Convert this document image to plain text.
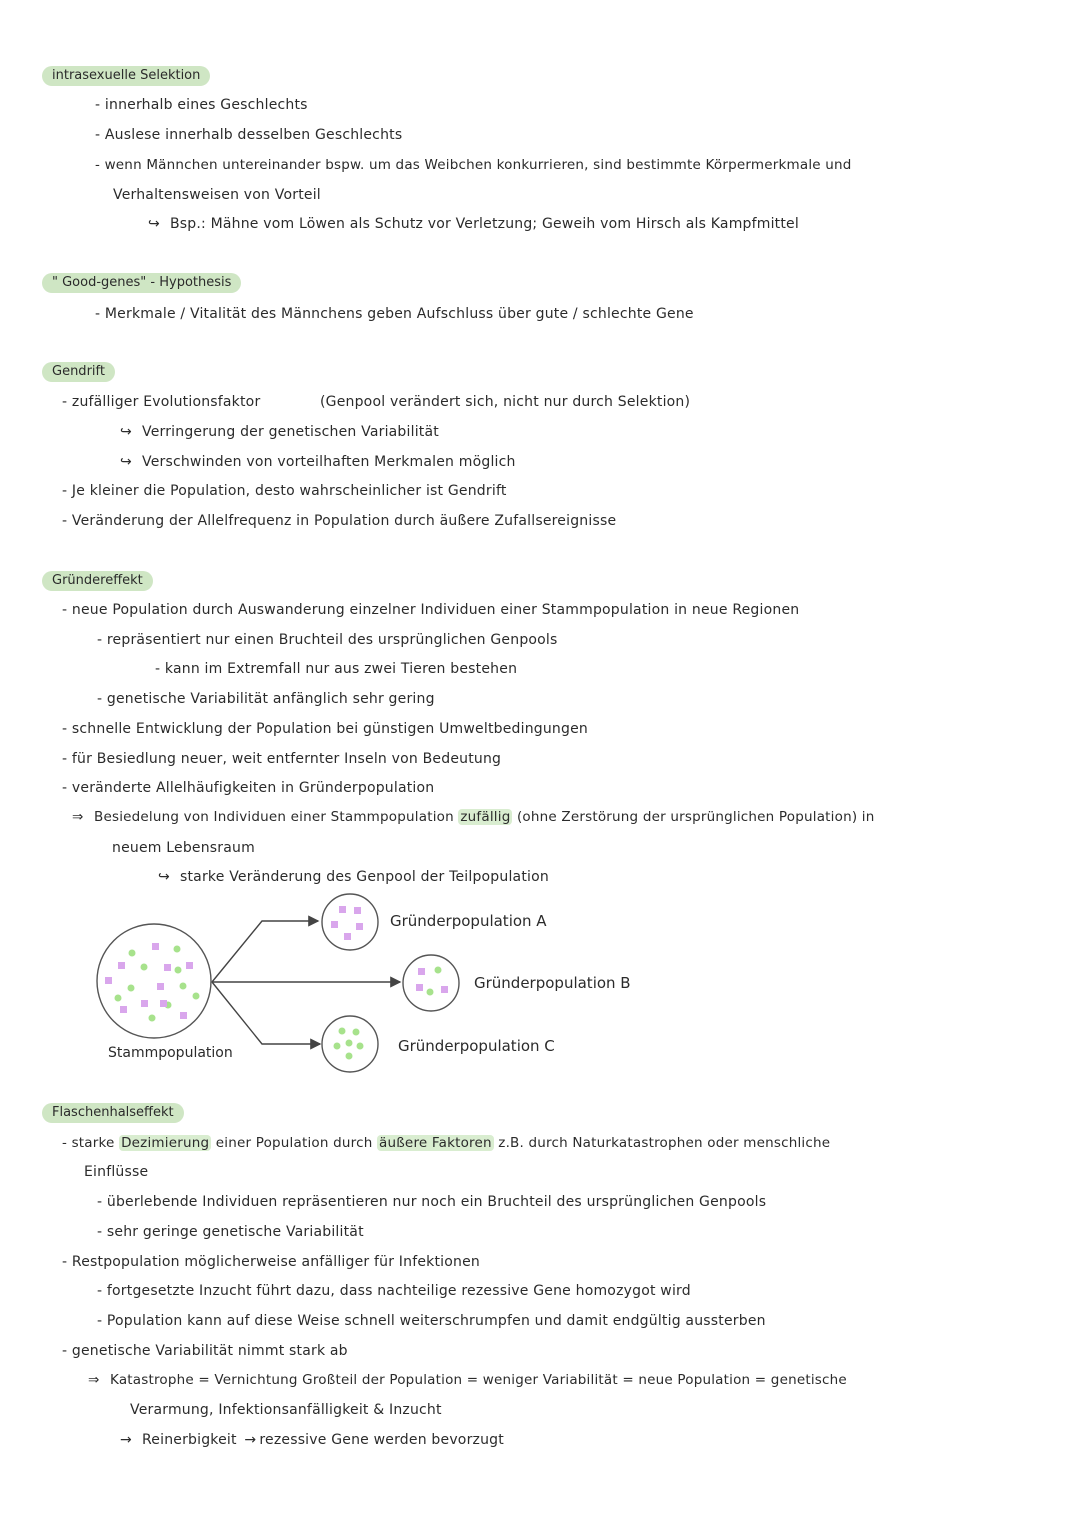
intrasexuelle Selektion
- innerhalb eines Geschlechts
- Auslese innerhalb desselben Geschlechts
- wenn Männchen untereinander bspw. um das Weibchen konkurrieren, sind bestimmte Körpermerkmale und
Verhaltensweisen von Vorteil
↪ Bsp.: Mähne vom Löwen als Schutz vor Verletzung; Geweih vom Hirsch als Kampfmittel
" Good-genes" - Hypothesis
- Merkmale / Vitalität des Männchens geben Aufschluss über gute / schlechte Gene
Gendrift
- zufälliger Evolutionsfaktor	(Genpool verändert sich, nicht nur durch Selektion)
↪ Verringerung der genetischen Variabilität
↪ Verschwinden von vorteilhaften Merkmalen möglich
- Je kleiner die Population, desto wahrscheinlicher ist Gendrift
- Veränderung der Allelfrequenz in Population durch äußere Zufallsereignisse
Gründereffekt
- neue Population durch Auswanderung einzelner Individuen einer Stammpopulation in neue Regionen
- repräsentiert nur einen Bruchteil des ursprünglichen Genpools
- kann im Extremfall nur aus zwei Tieren bestehen
- genetische Variabilität anfänglich sehr gering
- schnelle Entwicklung der Population bei günstigen Umweltbedingungen
- für Besiedlung neuer, weit entfernter Inseln von Bedeutung
- veränderte Allelhäufigkeiten in Gründerpopulation
⇒ Besiedelung von Individuen einer Stammpopulation zufällig (ohne Zerstörung der ursprünglichen Population) in
neuem Lebensraum
↪ starke Veränderung des Genpool der Teilpopulation
Gründerpopulation A
Gründerpopulation B
Gründerpopulation C
Stammpopulation
Flaschenhalseffekt
- starke Dezimierung einer Population durch äußere Faktoren z.B. durch Naturkatastrophen oder menschliche
Einflüsse
- überlebende Individuen repräsentieren nur noch ein Bruchteil des ursprünglichen Genpools
- sehr geringe genetische Variabilität
- Restpopulation möglicherweise anfälliger für Infektionen
- fortgesetzte Inzucht führt dazu, dass nachteilige rezessive Gene homozygot wird
- Population kann auf diese Weise schnell weiterschrumpfen und damit endgültig aussterben
- genetische Variabilität nimmt stark ab
⇒ Katastrophe = Vernichtung Großteil der Population = weniger Variabilität = neue Population = genetische
Verarmung, Infektionsanfälligkeit & Inzucht
→ Reinerbigkeit → rezessive Gene werden bevorzugt
